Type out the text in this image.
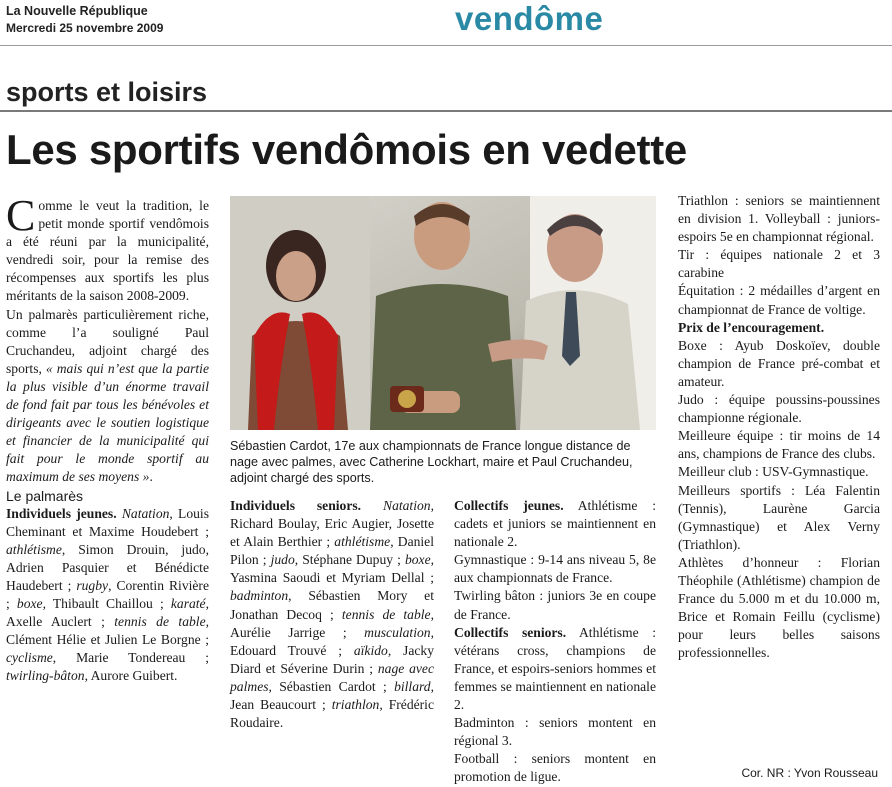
La Nouvelle République
Mercredi 25 novembre 2009	vendôme
sports et loisirs
Les sportifs vendômois en vedette

Comme le veut la tradition, le petit monde sportif vendômois a été réuni par la municipalité, vendredi soir, pour la remise des récompenses aux sportifs les plus méritants de la saison 2008-2009.

Un palmarès particulièrement riche, comme l’a souligné Paul Cruchandeu, adjoint chargé des sports, « mais qui n’est que la partie la plus visible d’un énorme travail de fond fait par tous les bénévoles et dirigeants avec le soutien logistique et financier de la municipalité qui fait pour le monde sportif au maximum de ses moyens ».

Le palmarès

Individuels jeunes. Natation, Louis Cheminant et Maxime Houdebert ; athlétisme, Simon Drouin, judo, Adrien Pasquier et Bénédicte Haudebert ; rugby, Corentin Rivière ; boxe, Thibault Chaillou ; karaté, Axelle Auclert ; tennis de table, Clément Hélie et Julien Le Borgne ; cyclisme, Marie Tondereau ; twirling-bâton, Aurore Guibert.

Sébastien Cardot, 17e aux championnats de France longue distance de nage avec palmes, avec Catherine Lockhart, maire et Paul Cruchandeu, adjoint chargé des sports.

Individuels seniors. Natation, Richard Boulay, Eric Augier, Josette et Alain Berthier ; athlétisme, Daniel Pilon ; judo, Stéphane Dupuy ; boxe, Yasmina Saoudi et Myriam Dellal ; badminton, Sébastien Mory et Jonathan Decoq ; tennis de table, Aurélie Jarrige ; musculation, Edouard Trouvé ; aïkido, Jacky Diard et Séverine Durin ; nage avec palmes, Sébastien Cardot ; billard, Jean Beaucourt ; triathlon, Frédéric Roudaire.

Collectifs jeunes. Athlétisme : cadets et juniors se maintiennent en nationale 2.

Gymnastique : 9-14 ans niveau 5, 8e aux championnats de France.

Twirling bâton : juniors 3e en coupe de France.

Collectifs seniors. Athlétisme : vétérans cross, champions de France, et espoirs-seniors hommes et femmes se maintiennent en nationale 2.

Badminton : seniors montent en régional 3.

Football : seniors montent en promotion de ligue.

Triathlon : seniors se maintiennent en division 1. Volleyball : juniors-espoirs 5e en championnat régional.

Tir : équipes nationale 2 et 3 carabine

Équitation : 2 médailles d’argent en championnat de France de voltige.

Prix de l’encouragement.

Boxe : Ayub Doskoïev, double champion de France pré-combat et amateur.

Judo : équipe poussins-poussines championne régionale.

Meilleure équipe : tir moins de 14 ans, champions de France des clubs.

Meilleur club : USV-Gymnastique.

Meilleurs sportifs : Léa Falentin (Tennis), Laurène Garcia (Gymnastique) et Alex Verny (Triathlon).

Athlètes d’honneur : Florian Théophile (Athlétisme) champion de France du 5.000 m et du 10.000 m, Brice et Romain Feillu (cyclisme) pour leurs belles saisons professionnelles.

Cor. NR : Yvon Rousseau
